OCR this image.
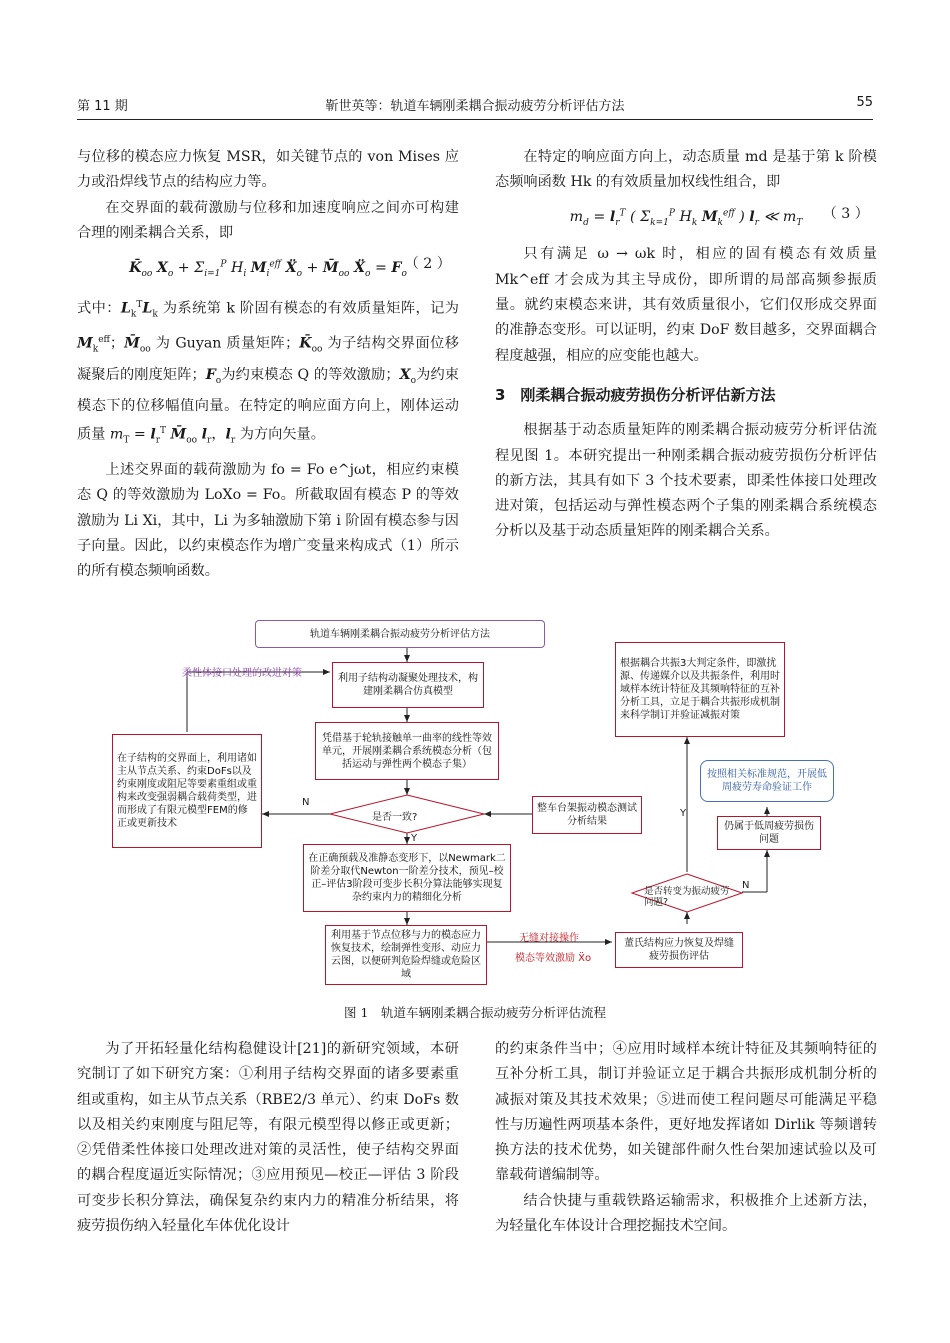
第 11 期	靳世英等：轨道车辆刚柔耦合振动疲劳分析评估方法	55

与位移的模态应力恢复 MSR，如关键节点的 von Mises 应力或沿焊线节点的结构应力等。

在交界面的载荷激励与位移和加速度响应之间亦可构建合理的刚柔耦合关系，即

$K̄_{oo}$ $X_o + \Sigma_{i=1}^P$ $H_i$ $M_i^{eff}$ Ẍ$_o$ + $M̄_{oo}$ Ẍ$_o$ = $F_o$
（ 2 ）

式中：$L_k^TL_k$ 为系统第 k 阶固有模态的有效质量矩阵，记为 $M_k^{eff}$；$M̄_{oo}$ 为 Guyan 质量矩阵；$K̄_{oo}$ 为子结构交界面位移凝聚后的刚度矩阵；$F_o$为约束模态 Q 的等效激励；$X_o$为约束模态下的位移幅值向量。在特定的响应面方向上，刚体运动质量 $m_T = l_r^T$ $M̄_{oo}$ $l_r$，$l_r$ 为方向矢量。

上述交界面的载荷激励为 fo = Fo e^jωt，相应约束模态 Q 的等效激励为 LoXo = Fo。所截取固有模态 P 的等效激励为 Li Xi，其中，Li 为多轴激励下第 i 阶固有模态参与因子向量。因此，以约束模态作为增广变量来构成式（1）所示的所有模态频响函数。

在特定的响应面方向上，动态质量 md 是基于第 k 阶模态频响函数 Hk 的有效质量加权线性组合，即

$m_d = l_r^T$ ( $\Sigma_{k=1}^P$ $H_k$ $M_k^{eff}$ ) $l_r$ ≪ $m_T$
（ 3 ）

只有满足 ω → ωk 时，相应的固有模态有效质量 Mk^eff 才会成为其主导成份，即所谓的局部高频参振质量。就约束模态来讲，其有效质量很小，它们仅形成交界面的准静态变形。可以证明，约束 DoF 数目越多，交界面耦合程度越强，相应的应变能也越大。

3　刚柔耦合振动疲劳损伤分析评估新方法

根据基于动态质量矩阵的刚柔耦合振动疲劳分析评估流程见图 1。本研究提出一种刚柔耦合振动疲劳损伤分析评估的新方法，其具有如下 3 个技术要素，即柔性体接口处理改进对策，包括运动与弹性模态两个子集的刚柔耦合系统模态分析以及基于动态质量矩阵的刚柔耦合关系。

轨道车辆刚柔耦合振动疲劳分析评估方法
柔性体接口处理的改进对策	利用子结构动凝聚处理技术，构建刚柔耦合仿真模型
凭借基于轮轨接触单一曲率的线性等效单元，开展刚柔耦合系统模态分析（包括运动与弹性两个模态子集）
在子结构的交界面上，利用诸如主从节点关系、约束DoFs以及约束刚度或阻尼等要素重组或重构来改变强弱耦合载荷类型，进而形成了有限元模型FEM的修正或更新技术
是否一致?
N
Y
整车台架振动模态测试分析结果
在正确预载及准静态变形下，以Newmark二阶差分取代Newton一阶差分技术，预见–校正–评估3阶段可变步长积分算法能够实现复杂约束内力的精细化分析
利用基于节点位移与力的模态应力恢复技术，绘制弹性变形、动应力云图，以便研判危险焊缝或危险区域
无缝对接操作
模态等效激励 Ẍo
董氏结构应力恢复及焊缝疲劳损伤评估
是否转变为振动疲劳问题?
N
Y
根据耦合共振3大判定条件，即激扰源、传递媒介以及共振条件，利用时域样本统计特征及其频响特征的互补分析工具，立足于耦合共振形成机制来科学制订并验证减振对策
按照相关标准规范，开展低周疲劳寿命验证工作
仍属于低周疲劳损伤问题
图 1　轨道车辆刚柔耦合振动疲劳分析评估流程

为了开拓轻量化结构稳健设计[21]的新研究领域，本研究制订了如下研究方案：①利用子结构交界面的诸多要素重组或重构，如主从节点关系（RBE2/3 单元）、约束 DoFs 数以及相关约束刚度与阻尼等，有限元模型得以修正或更新；②凭借柔性体接口处理改进对策的灵活性，使子结构交界面的耦合程度逼近实际情况；③应用预见—校正—评估 3 阶段可变步长积分算法，确保复杂约束内力的精准分析结果，将疲劳损伤纳入轻量化车体优化设计

的约束条件当中；④应用时域样本统计特征及其频响特征的互补分析工具，制订并验证立足于耦合共振形成机制分析的减振对策及其技术效果；⑤进而使工程问题尽可能满足平稳性与历遍性两项基本条件，更好地发挥诸如 Dirlik 等频谱转换方法的技术优势，如关键部件耐久性台架加速试验以及可靠载荷谱编制等。

结合快捷与重载铁路运输需求，积极推介上述新方法，为轻量化车体设计合理挖掘技术空间。
